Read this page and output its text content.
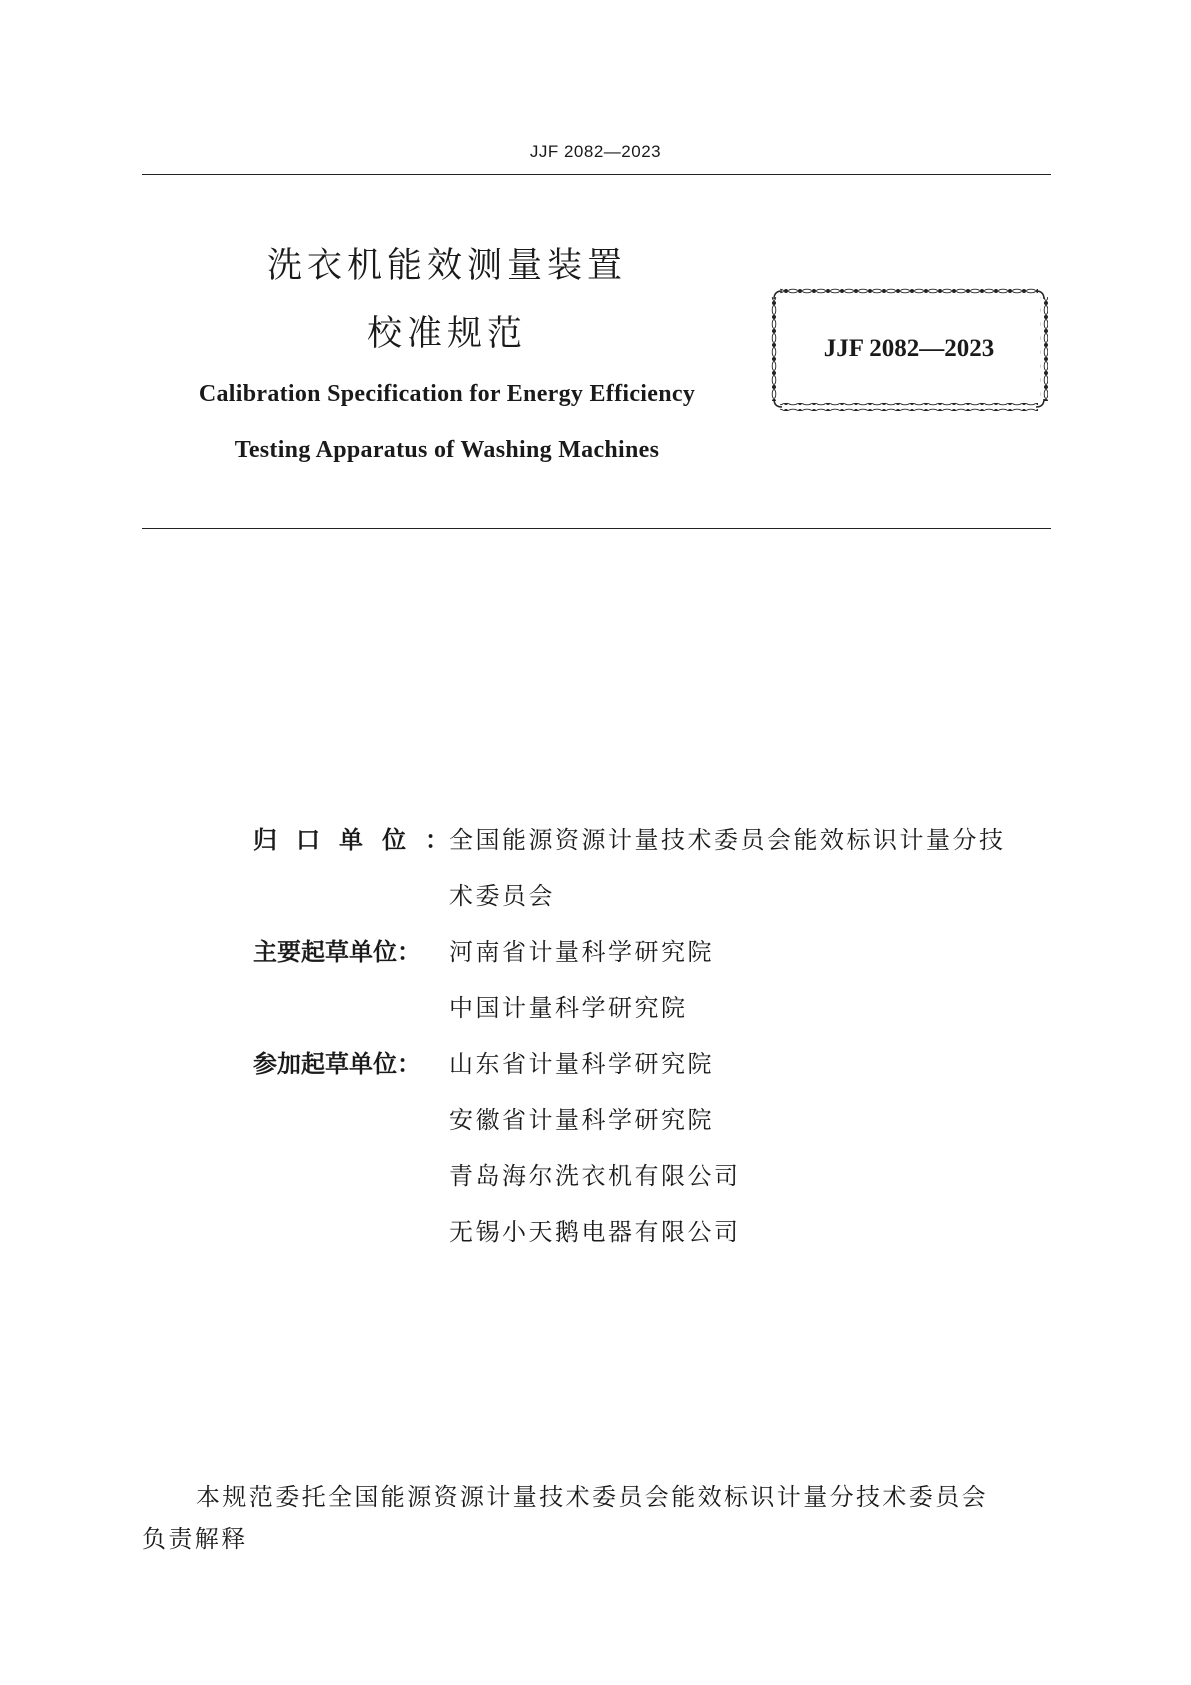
JJF 2082—2023
洗衣机能效测量装置
校准规范
Calibration Specification for Energy Efficiency
Testing Apparatus of Washing Machines
JJF 2082—2023
归口单位：
全国能源资源计量技术委员会能效标识计量分技
术委员会
主要起草单位：	河南省计量科学研究院
中国计量科学研究院
参加起草单位：	山东省计量科学研究院
安徽省计量科学研究院
青岛海尔洗衣机有限公司
无锡小天鹅电器有限公司
本规范委托全国能源资源计量技术委员会能效标识计量分技术委员会
负责解释
